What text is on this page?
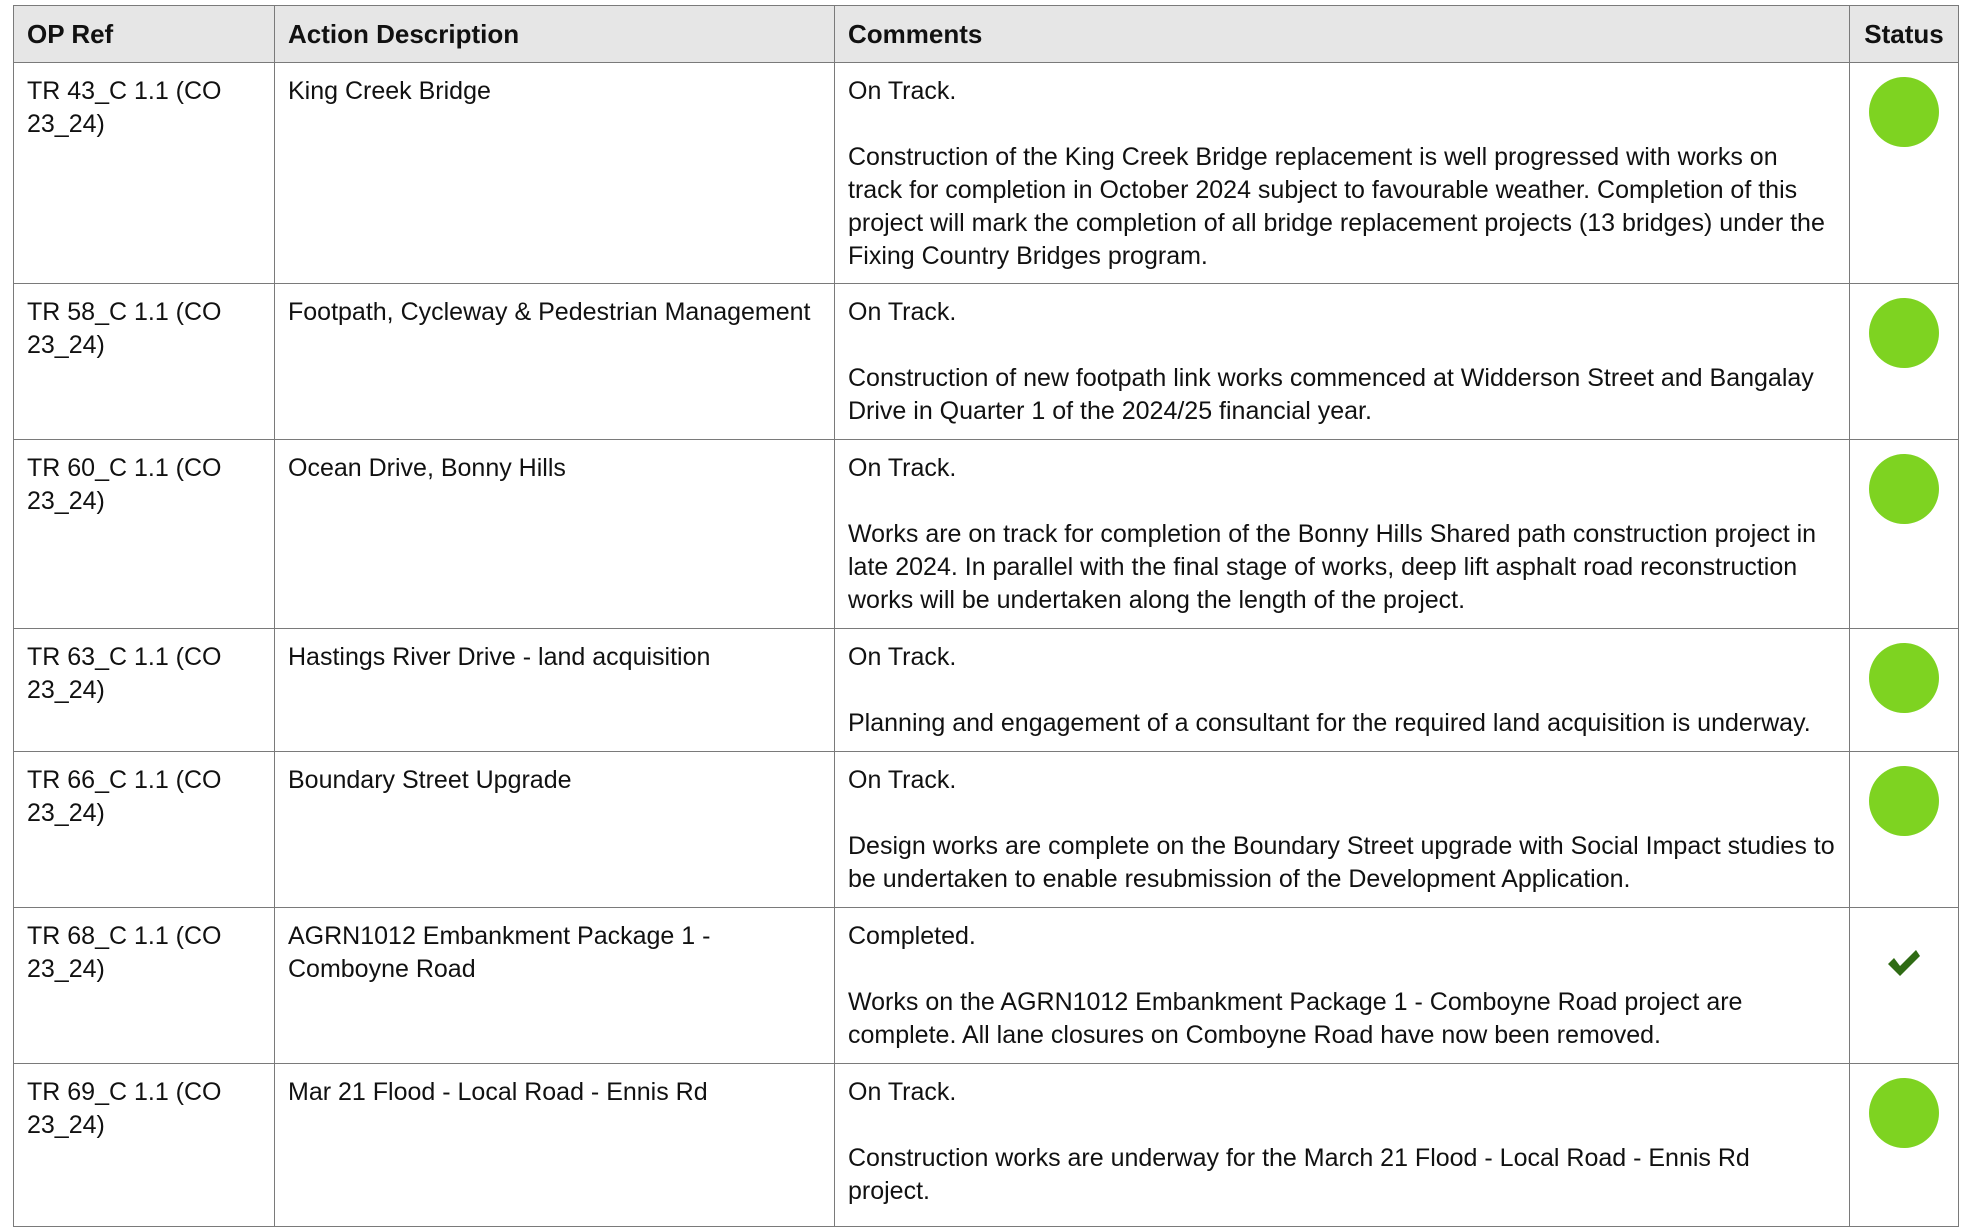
OP Ref	Action Description	Comments	Status
TR 43_C 1.1 (CO 23_24)	King Creek Bridge	On Track.
Construction of the King Creek Bridge replacement is well progressed with works on track for completion in October 2024 subject to favourable weather. Completion of this project will mark the completion of all bridge replacement projects (13 bridges) under the Fixing Country Bridges program.	

TR 58_C 1.1 (CO 23_24)	Footpath, Cycleway & Pedestrian Management	On Track.
Construction of new footpath link works commenced at Widderson Street and Bangalay Drive in Quarter 1 of the 2024/25 financial year.	

TR 60_C 1.1 (CO 23_24)	Ocean Drive, Bonny Hills	On Track.
Works are on track for completion of the Bonny Hills Shared path construction project in late 2024. In parallel with the final stage of works, deep lift asphalt road reconstruction works will be undertaken along the length of the project.	

TR 63_C 1.1 (CO 23_24)	Hastings River Drive - land acquisition	On Track.
Planning and engagement of a consultant for the required land acquisition is underway.	

TR 66_C 1.1 (CO 23_24)	Boundary Street Upgrade	On Track.
Design works are complete on the Boundary Street upgrade with Social Impact studies to be undertaken to enable resubmission of the Development Application.	

TR 68_C 1.1 (CO 23_24)	AGRN1012 Embankment Package 1 - Comboyne Road	Completed.
Works on the AGRN1012 Embankment Package 1 - Comboyne Road project are complete. All lane closures on Comboyne Road have now been removed.

TR 69_C 1.1 (CO 23_24)	Mar 21 Flood - Local Road - Ennis Rd	On Track.
Construction works are underway for the March 21 Flood - Local Road - Ennis Rd project.	
